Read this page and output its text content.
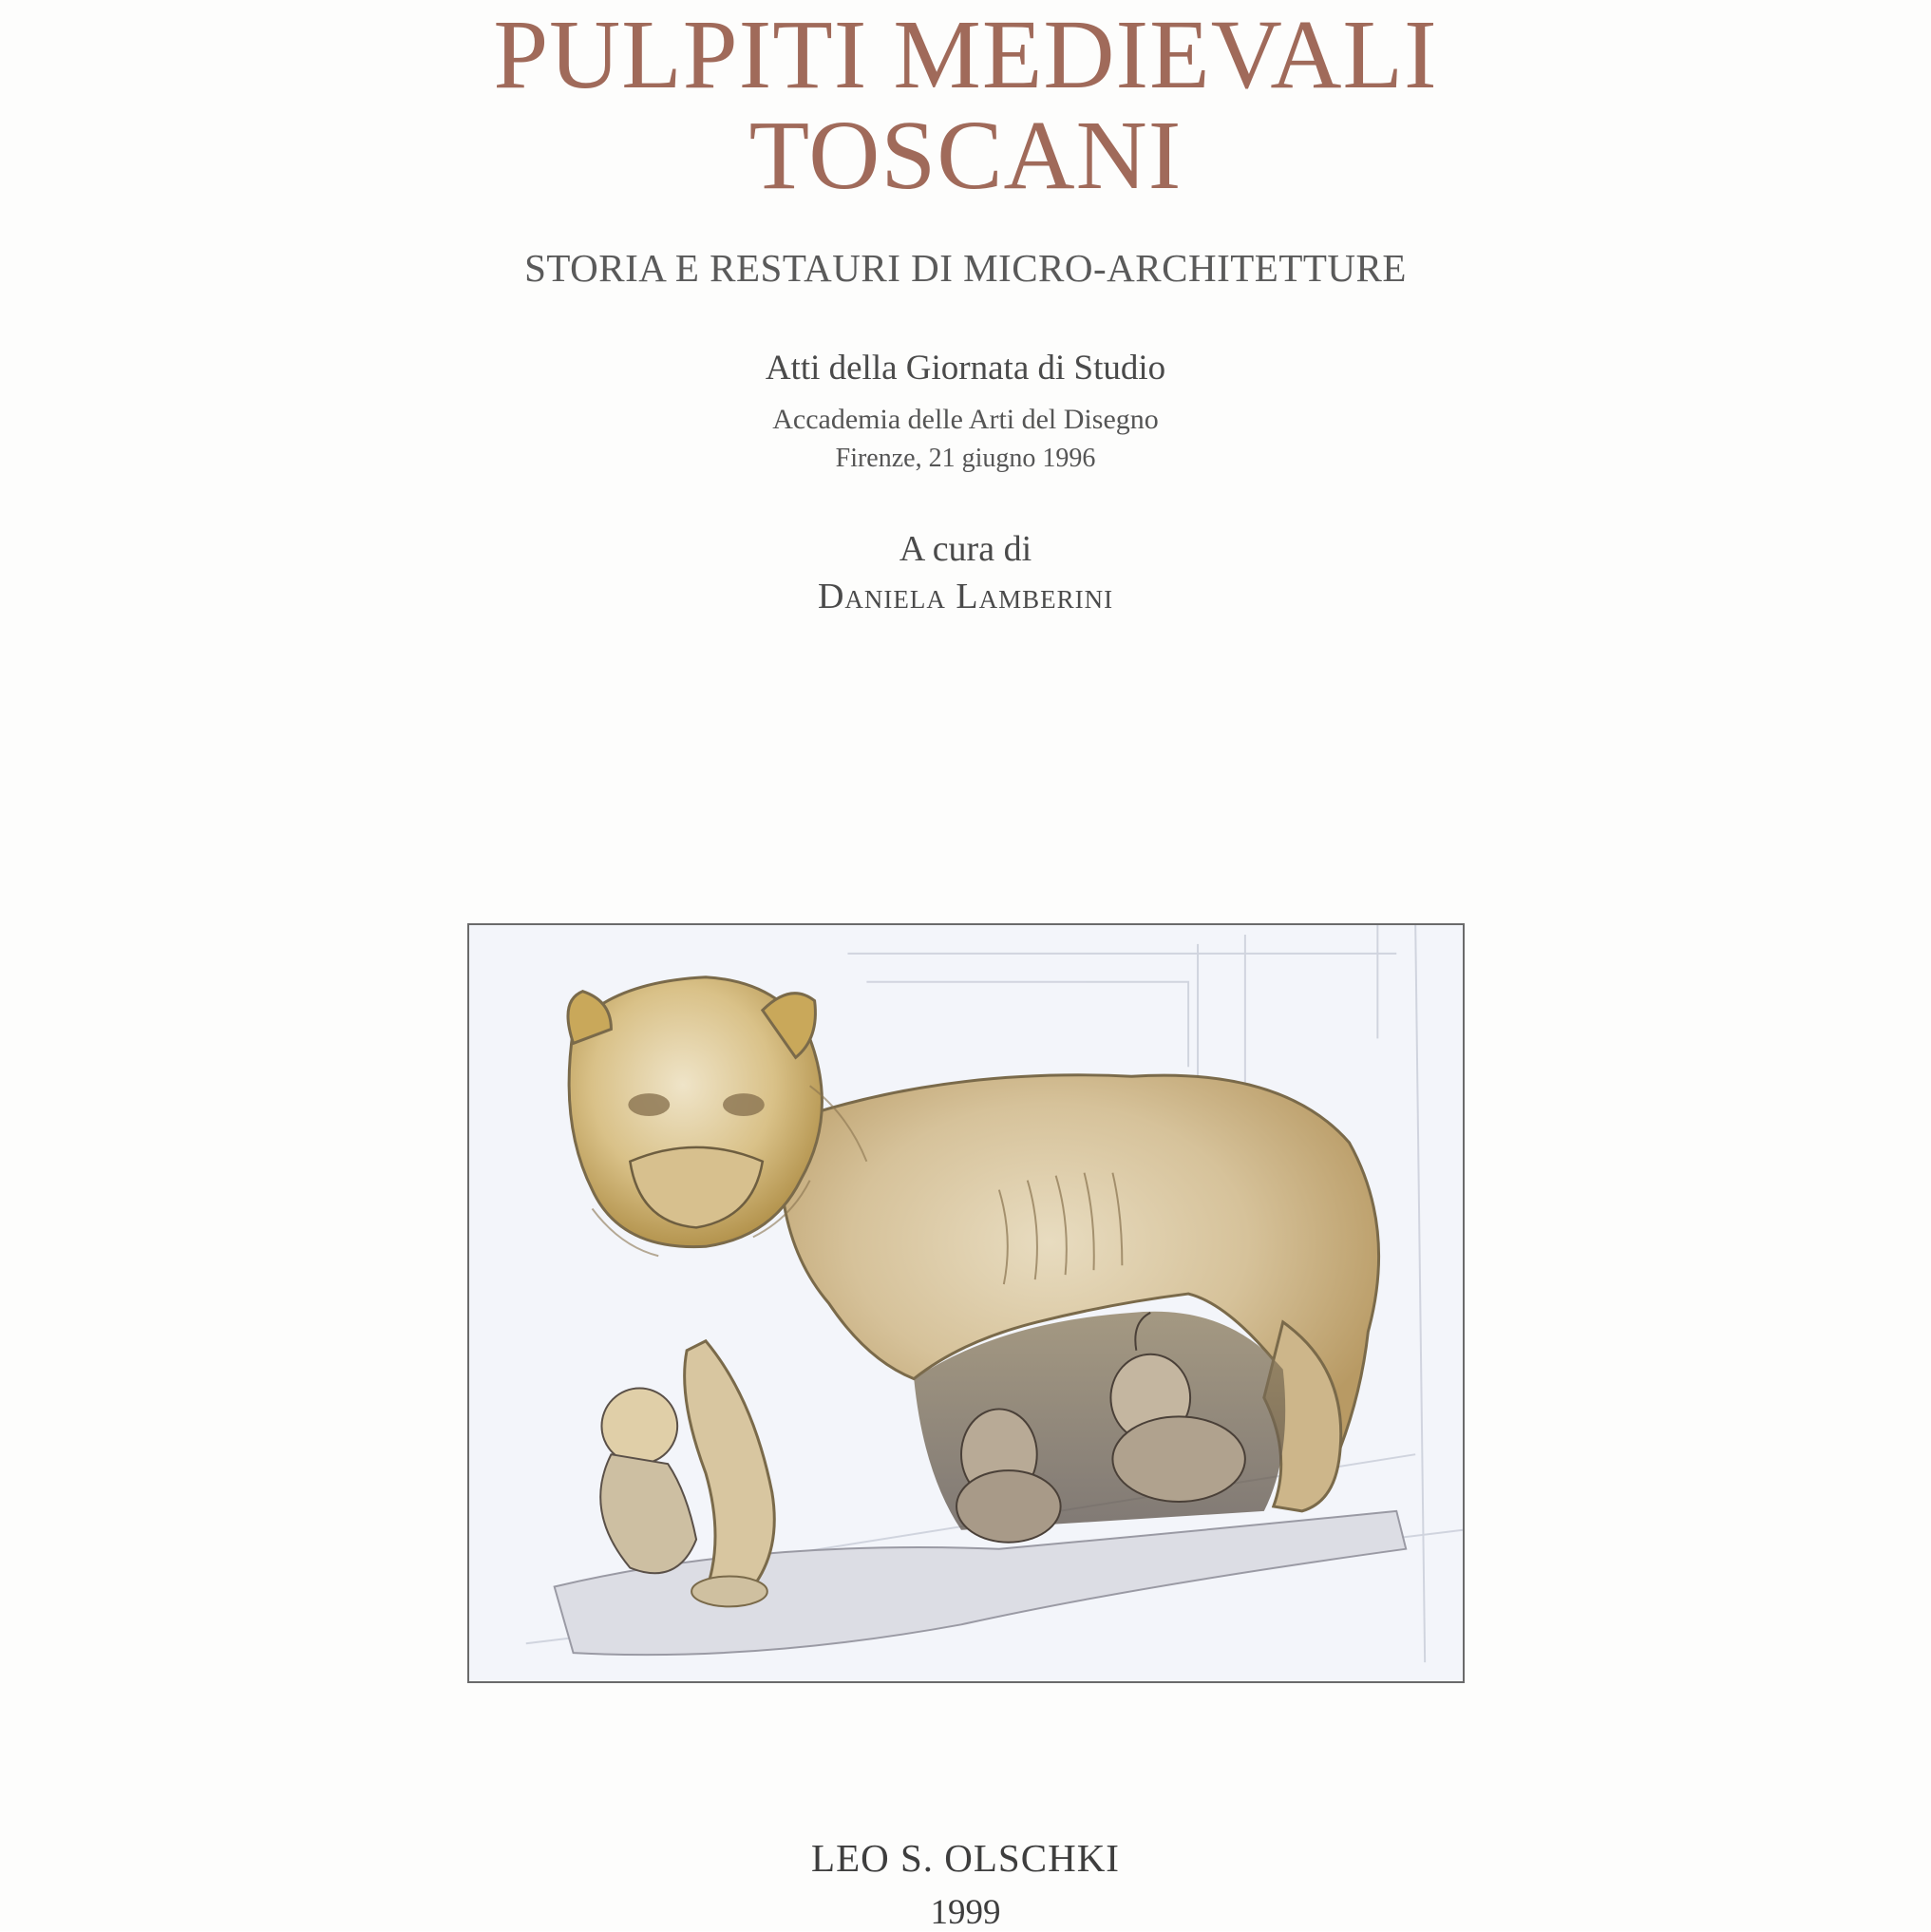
PULPITI MEDIEVALI

TOSCANI

STORIA E RESTAURI DI MICRO-ARCHITETTURE

Atti della Giornata di Studio

Accademia delle Arti del Disegno

Firenze, 21 giugno 1996

A cura di

Daniela Lamberini

LEO S. OLSCHKI

1999
